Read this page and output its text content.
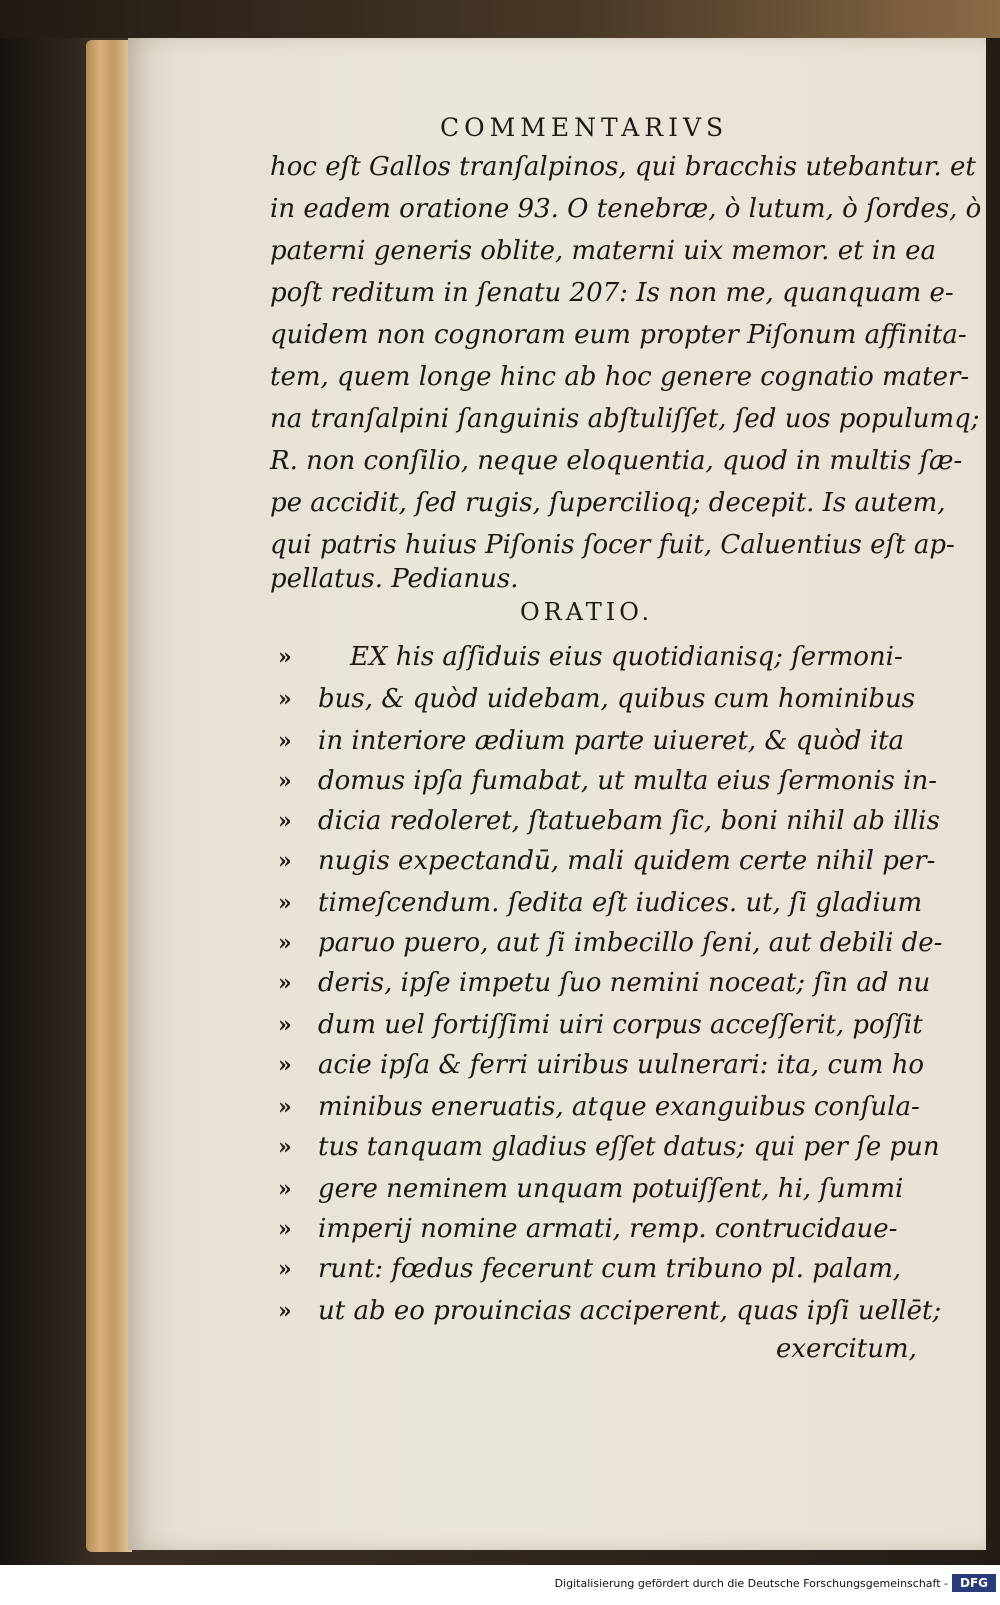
COMMENTARIVS
hoc eſt Gallos tranſalpinos, qui bracchis utebantur. et
in eadem oratione 93. O tenebræ, ò lutum, ò ſordes, ò
paterni generis oblite, materni uix memor. et in ea
poſt reditum in ſenatu 207: Is non me, quanquam e-
quidem non cognoram eum propter Piſonum affinita-
tem, quem longe hinc ab hoc genere cognatio mater-
na tranſalpini ſanguinis abſtuliſſet, ſed uos populumq;
R. non conſilio, neque eloquentia, quod in multis ſæ-
pe accidit, ſed rugis, ſupercilioq; decepit. Is autem,
qui patris huius Piſonis ſocer fuit, Caluentius eſt ap-
pellatus. Pedianus.
ORATIO.
» EX his aſſiduis eius quotidianisq; ſermoni-
» bus, & quòd uidebam, quibus cum hominibus
» in interiore ædium parte uiueret, & quòd ita
» domus ipſa fumabat, ut multa eius ſermonis in-
» dicia redoleret, ſtatuebam ſic, boni nihil ab illis
» nugis expectandū, mali quidem certe nihil per-
» timeſcendum. ſedita eſt iudices. ut, ſi gladium
» paruo puero, aut ſi imbecillo ſeni, aut debili de-
» deris, ipſe impetu ſuo nemini noceat; ſin ad nu
» dum uel fortiſſimi uiri corpus acceſſerit, poſſit
» acie ipſa & ferri uiribus uulnerari: ita, cum ho
» minibus eneruatis, atque exanguibus conſula-
» tus tanquam gladius eſſet datus; qui per ſe pun
» gere neminem unquam potuiſſent, hi, ſummi
» imperij nomine armati, remp. contrucidaue-
» runt: fœdus fecerunt cum tribuno pl. palam,
» ut ab eo prouincias acciperent, quas ipſi uellēt;
exercitum,
Digitalisierung gefördert durch die Deutsche Forschungsgemeinschaft - DFG
